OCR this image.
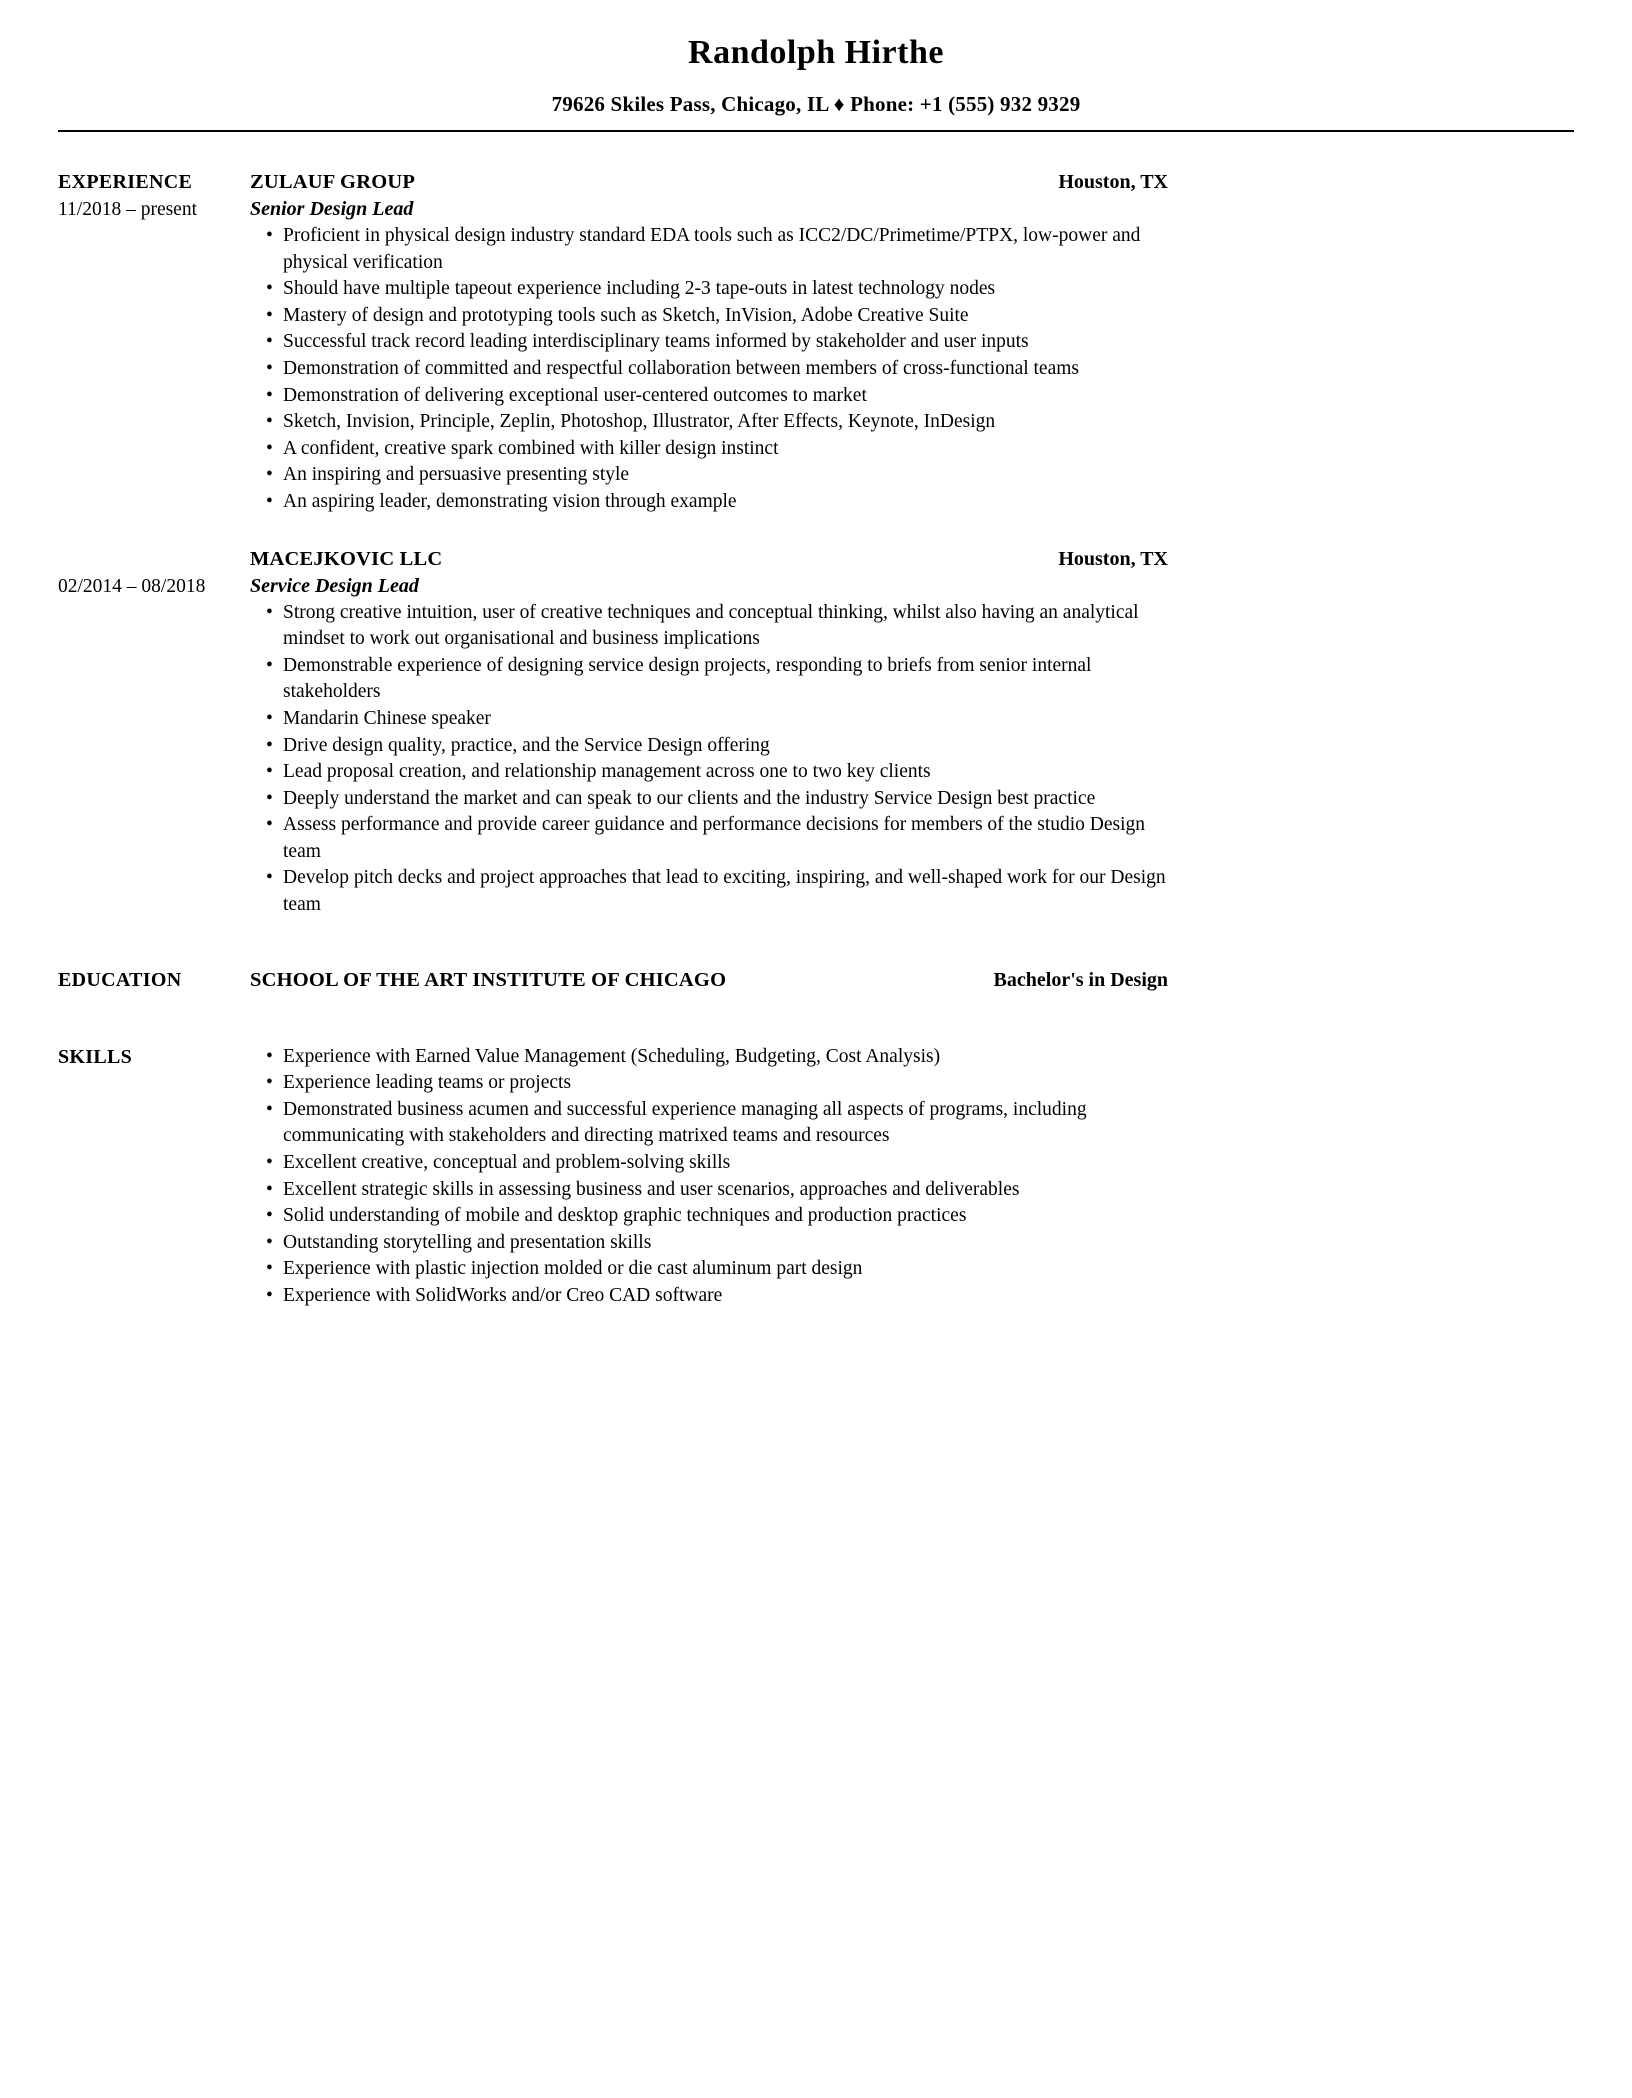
Randolph Hirthe
79626 Skiles Pass, Chicago, IL ♦ Phone: +1 (555) 932 9329
EXPERIENCE
11/2018 – present
ZULAUF GROUP	Houston, TX
Senior Design Lead
• Proficient in physical design industry standard EDA tools such as ICC2/DC/Primetime/PTPX, low-power and physical verification
• Should have multiple tapeout experience including 2-3 tape-outs in latest technology nodes
• Mastery of design and prototyping tools such as Sketch, InVision, Adobe Creative Suite
• Successful track record leading interdisciplinary teams informed by stakeholder and user inputs
• Demonstration of committed and respectful collaboration between members of cross-functional teams
• Demonstration of delivering exceptional user-centered outcomes to market
• Sketch, Invision, Principle, Zeplin, Photoshop, Illustrator, After Effects, Keynote, InDesign
• A confident, creative spark combined with killer design instinct
• An inspiring and persuasive presenting style
• An aspiring leader, demonstrating vision through example
02/2014 – 08/2018
MACEJKOVIC LLC	Houston, TX
Service Design Lead
• Strong creative intuition, user of creative techniques and conceptual thinking, whilst also having an analytical mindset to work out organisational and business implications
• Demonstrable experience of designing service design projects, responding to briefs from senior internal stakeholders
• Mandarin Chinese speaker
• Drive design quality, practice, and the Service Design offering
• Lead proposal creation, and relationship management across one to two key clients
• Deeply understand the market and can speak to our clients and the industry Service Design best practice
• Assess performance and provide career guidance and performance decisions for members of the studio Design team
• Develop pitch decks and project approaches that lead to exciting, inspiring, and well-shaped work for our Design team
EDUCATION	SCHOOL OF THE ART INSTITUTE OF CHICAGO	Bachelor's in Design
SKILLS	• Experience with Earned Value Management (Scheduling, Budgeting, Cost Analysis)
• Experience leading teams or projects
• Demonstrated business acumen and successful experience managing all aspects of programs, including communicating with stakeholders and directing matrixed teams and resources
• Excellent creative, conceptual and problem-solving skills
• Excellent strategic skills in assessing business and user scenarios, approaches and deliverables
• Solid understanding of mobile and desktop graphic techniques and production practices
• Outstanding storytelling and presentation skills
• Experience with plastic injection molded or die cast aluminum part design
• Experience with SolidWorks and/or Creo CAD software
